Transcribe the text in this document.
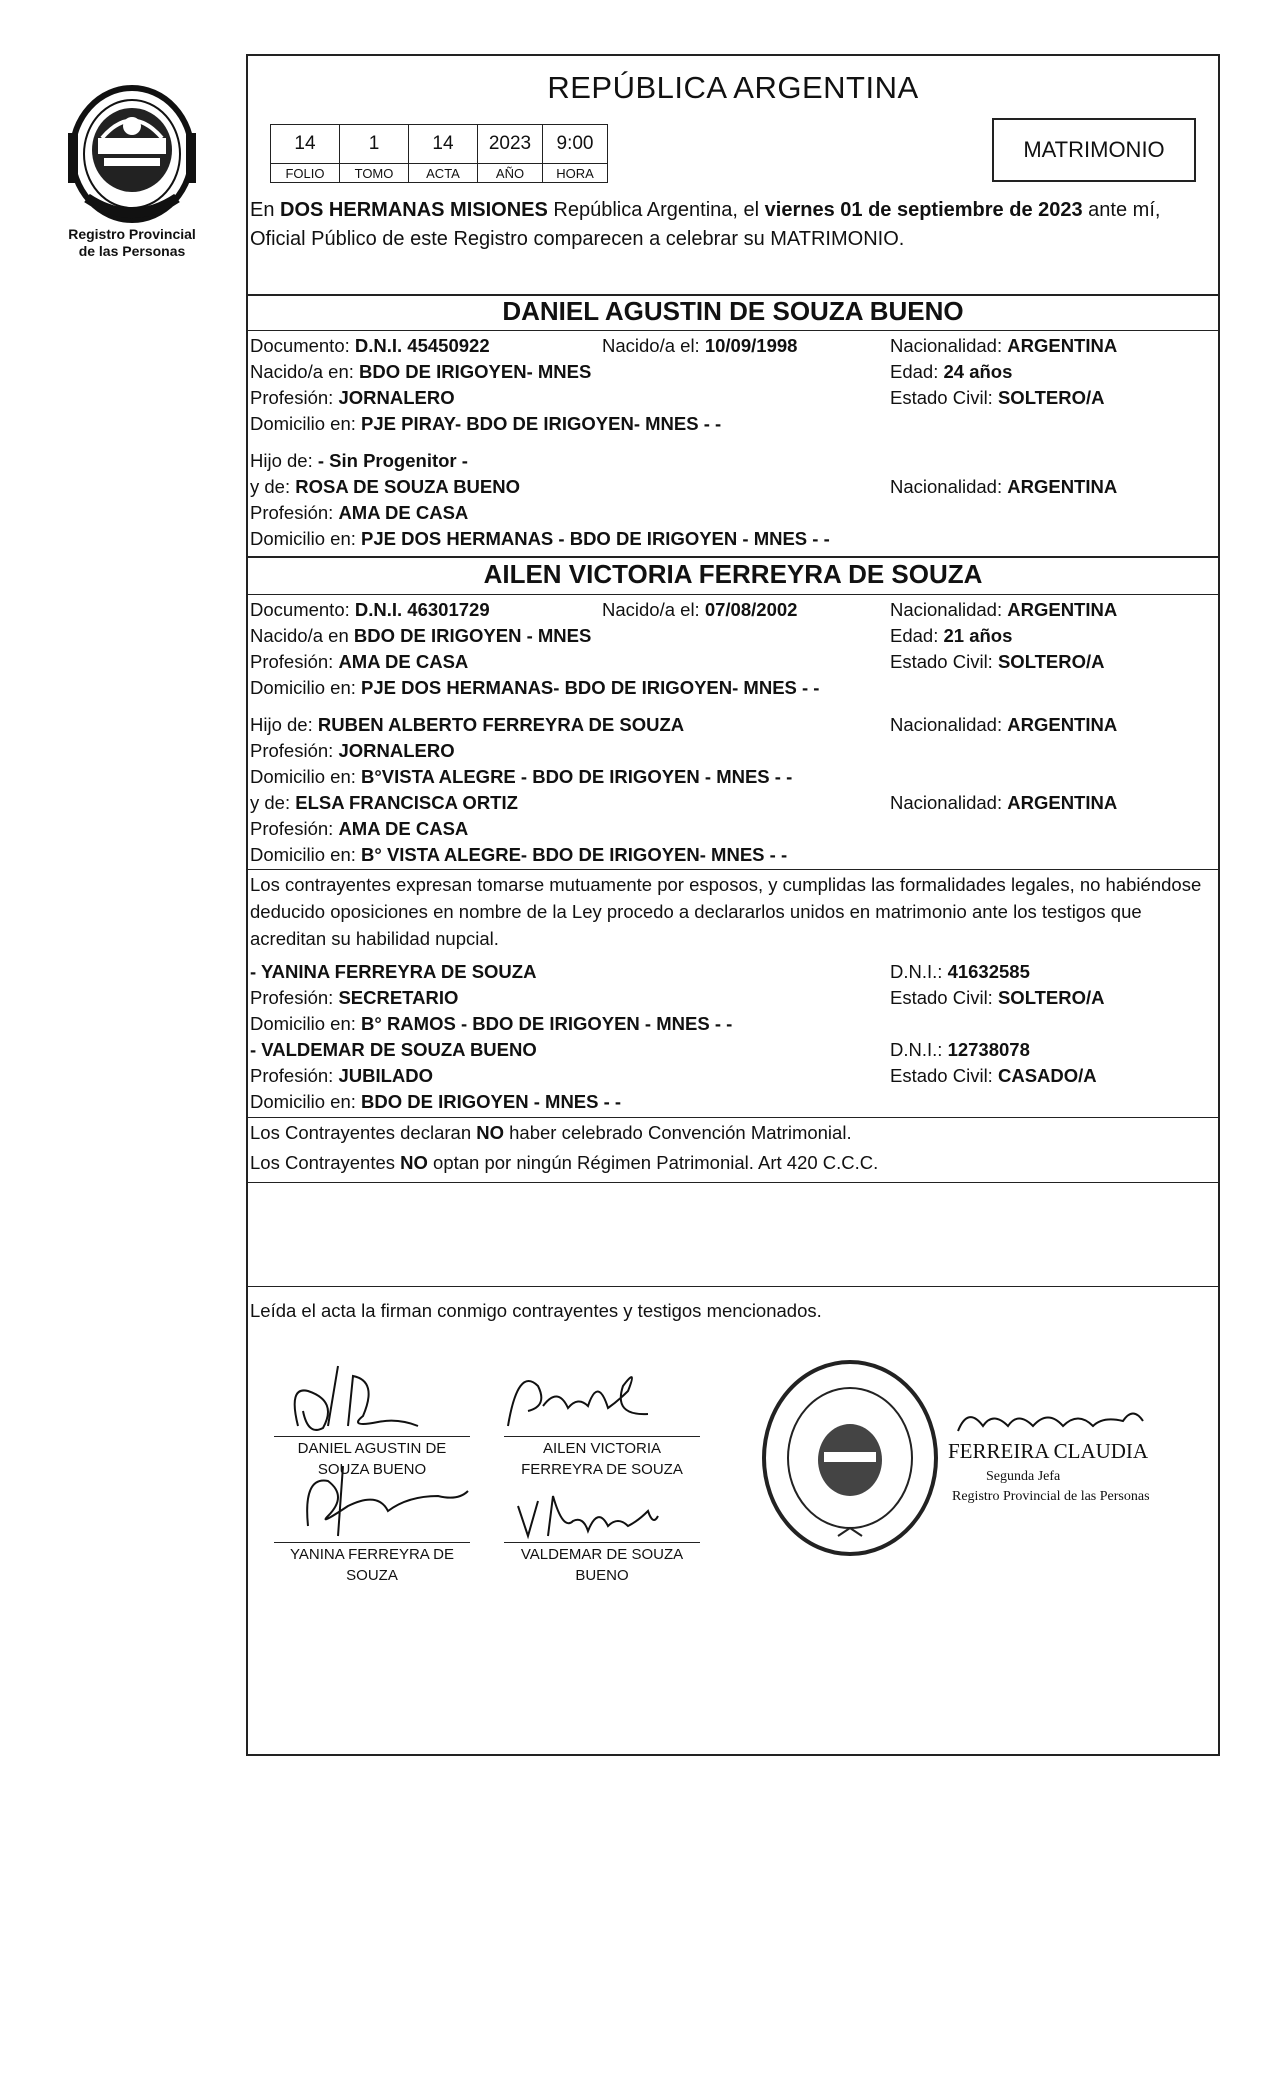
Registro Provincial
de las Personas
REPÚBLICA ARGENTINA
14	1	14	2023	9:00
FOLIO	TOMO	ACTA	AÑO	HORA
MATRIMONIO
En DOS HERMANAS MISIONES República Argentina, el viernes 01 de septiembre de 2023 ante mí, Oficial Público de este Registro comparecen a celebrar su MATRIMONIO.
DANIEL AGUSTIN DE SOUZA BUENO
Documento: D.N.I. 45450922	Nacido/a el: 10/09/1998	Nacionalidad: ARGENTINA
Nacido/a en: BDO DE IRIGOYEN- MNES	Edad: 24 años
Profesión: JORNALERO	Estado Civil: SOLTERO/A
Domicilio en: PJE PIRAY- BDO DE IRIGOYEN- MNES - -
Hijo de: - Sin Progenitor -
y de: ROSA DE SOUZA BUENO	Nacionalidad: ARGENTINA
Profesión: AMA DE CASA
Domicilio en: PJE DOS HERMANAS - BDO DE IRIGOYEN - MNES - -
AILEN VICTORIA FERREYRA DE SOUZA
Documento: D.N.I. 46301729	Nacido/a el: 07/08/2002	Nacionalidad: ARGENTINA
Nacido/a en BDO DE IRIGOYEN - MNES	Edad: 21 años
Profesión: AMA DE CASA	Estado Civil: SOLTERO/A
Domicilio en: PJE DOS HERMANAS- BDO DE IRIGOYEN- MNES - -
Hijo de: RUBEN ALBERTO FERREYRA DE SOUZA	Nacionalidad: ARGENTINA
Profesión: JORNALERO
Domicilio en: B°VISTA ALEGRE - BDO DE IRIGOYEN - MNES - -
y de: ELSA FRANCISCA ORTIZ	Nacionalidad: ARGENTINA
Profesión: AMA DE CASA
Domicilio en: B° VISTA ALEGRE- BDO DE IRIGOYEN- MNES - -
Los contrayentes expresan tomarse mutuamente por esposos, y cumplidas las formalidades legales, no habiéndose deducido oposiciones en nombre de la Ley procedo a declararlos unidos en matrimonio ante los testigos que acreditan su habilidad nupcial.
- YANINA FERREYRA DE SOUZA	D.N.I.: 41632585
Profesión: SECRETARIO	Estado Civil: SOLTERO/A
Domicilio en: B° RAMOS - BDO DE IRIGOYEN - MNES - -
- VALDEMAR DE SOUZA BUENO	D.N.I.: 12738078
Profesión: JUBILADO	Estado Civil: CASADO/A
Domicilio en: BDO DE IRIGOYEN - MNES - -
Los Contrayentes declaran NO haber celebrado Convención Matrimonial.
Los Contrayentes NO optan por ningún Régimen Patrimonial. Art 420 C.C.C.
Leída el acta la firman conmigo contrayentes y testigos mencionados.
DANIEL AGUSTIN DE
SOUZA BUENO
AILEN VICTORIA
FERREYRA DE SOUZA
YANINA FERREYRA DE
SOUZA
VALDEMAR DE SOUZA
BUENO
FERREIRA CLAUDIA
Segunda Jefa
Registro Provincial de las Personas
